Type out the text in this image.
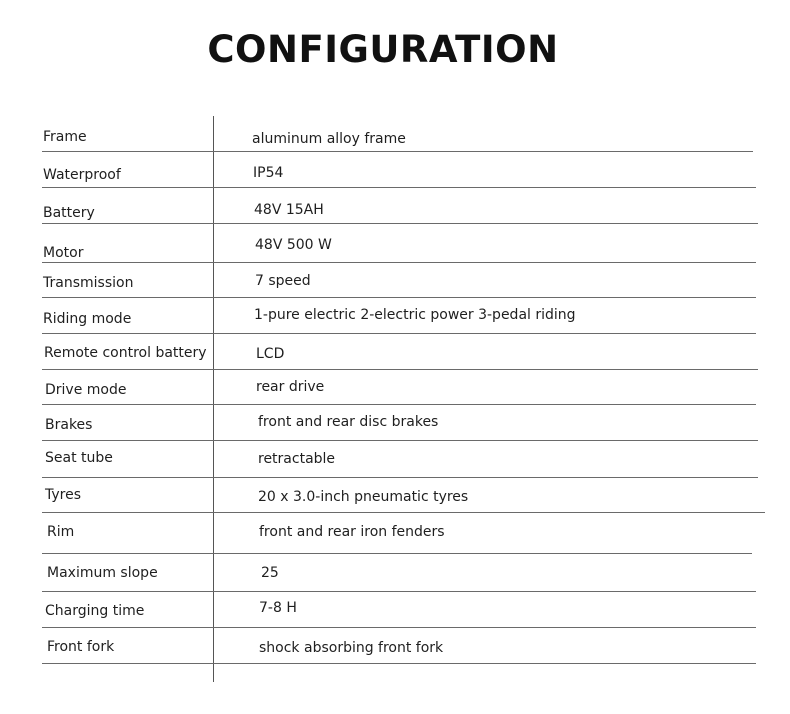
CONFIGURATION
Frame	aluminum alloy frame
Waterproof	IP54
Battery	48V 15AH
Motor	48V 500 W
Transmission	7 speed
Riding mode	1-pure electric 2-electric power 3-pedal riding
Remote control battery	LCD
Drive mode	rear drive
Brakes	front and rear disc brakes
Seat tube	retractable
Tyres	20 x 3.0-inch pneumatic tyres
Rim	front and rear iron fenders
Maximum slope	25
Charging time	7-8 H
Front fork	shock absorbing front fork
